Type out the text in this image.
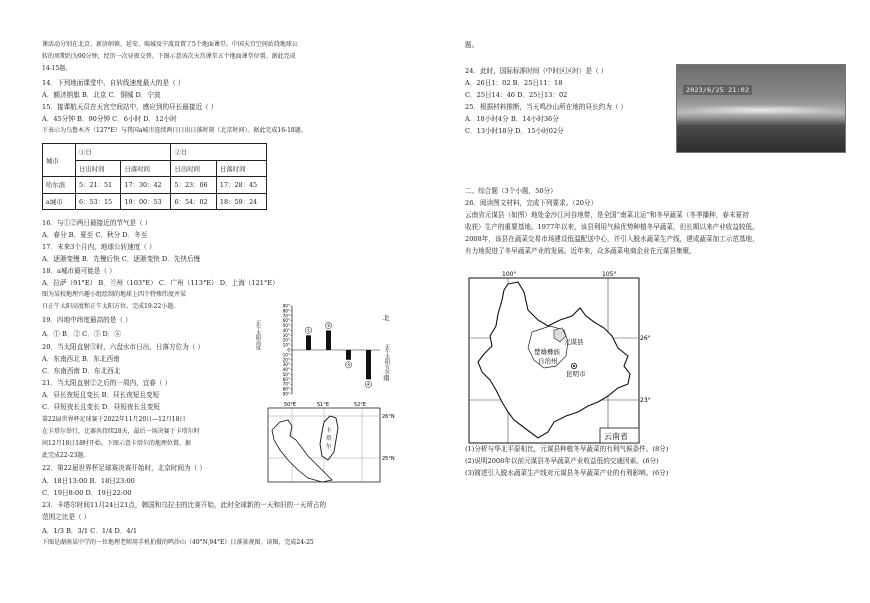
城市	①日		②日	
	日出时间	日落时间	日出时间	日落时间
哈尔滨	5：21：51	17：30：42	5：23：06	17：28：45
a城市	6：53：15	19：00：53	6：54：02	18：59：24
正午太阳高度
正午太阳方位
北
南
90°
80°
70°
60°
50°
40°
30°
20°
10°
0
10°
20°
30°
40°
50°
60°
70°
80°
90°
①
②
③
④
50°E	51°E	52°E
26°N
25°N
卡
塔
尔
课活动分别在北京、新济纳镇、延安、绵城及宁波设置了5个地面课堂。中国天宫空间站绕地球公
转的周期约为90分钟，经历一次昼夜交替。下图示意该次天宫课堂五个地面课堂位置。据此完成
14-15题。
14．下列地面课堂中，自转线速度最大的是（ ）
A．额济纳旗 B．北京 C．铜城 D．宁波
15．接课航天员在天宫空间站中，感应到的昼长最接近（ ）
A．45分钟 B．90分钟 C．6小时 D．12小时
下表示为乌鲁木齐（127°E）与我国a城市连续两日日出日落时刻（北京时间）。据此完成16-18题。
16．与①②两日最接近的节气是（ ）
A．春分 B．夏至 C．秋分 D．冬至
17．未来3个月内，地球公转速度（ ）
A．逐渐变慢 B．先慢后快 C．逐渐变快 D．先快后慢
18．a城市最可能是（ ）
A．拉萨（91°E） B．兰州（103°E） C．广州（113°E） D．上海（121°E）
图为某校地理兴趣小组绘制的地球上四个特殊纬度并某
日正午太阳高度和正午太阳方位。完成19-22小题。
19．四地中纬度最高的是（ ）
A．① B．② C．③ D．④
20．当太阳直射③时，六盘水市日出，日落方位为（ ）
A．东南西北 B．东北西南
C．东南西南 D．东北西北
21．当太阳直射②之后的一周内，宜春（ ）
A．昼长夜短且变长 B．昼长夜短且变短
C．昼短夜长且变长 D．昼短夜长且变短
第22届世界杯足球赛于2022年11月20日—12月18日
在卡塔尔举行，比赛共持续28天，最后一场决赛于卡塔尔时
间12月18日18时开始。下图示意卡塔尔的地理位置。据
此完成22-23题。
22．第22届世界杯足球赛决赛开始时，北京时间为（ ）
A．18日13:00 B．18日23:00
C．19日8:00 D．19日22:00
23．卡塔尔时间11月24日21点，韩国和乌拉圭的比赛开始，此时全球新的一天和旧的一天所占的
范围之比是（ ）
A．1/3 B．3/1 C．1/4 D．4/1
下图是湖南某中学的一位地理老师用手机拍摄的鸣沙山（40°N,94°E）日落景观图。读图，完成24-25
2023/6/25 21:02
100°	105°
26°
23°
元谋县
楚雄彝族
自治州
昆明市
云南省
题。
24．此时，国际标准时间（中时区区时）是（ ）
A．26日1：02 B．25日11：18
C．25日14：46 D．25日13：02
25．根据材料推断，当天鸣沙山所在地的昼长约为（ ）
A．18小时4分 B．14小时36分
C．13小时18分 D．15小时02分
二、综合题（3个小题，50分）
26．阅读图文材料，完成下列要求。（20分）
云南省元谋县（如图）地处金沙江河谷地带，是全国“南菜北运”和冬早蔬菜（冬季播种，春末夏初
收获）生产的重要基地。1977年以来，该县利用气候优势种植冬早蔬菜，但长期以来产业收益较低。
2008年，该县在蔬菜交易市场建设低温配送中心，并引入脱水蔬菜生产线，建成蔬菜加工示范基地，
有力地促进了冬早蔬菜产业的发展。近年来，众多蔬菜电商企业在元谋县集聚。
(1)分析与华北平原相比，元谋县种植冬早蔬菜的有利气候条件。(8分)
(2)说明2008年以前元谋县冬早蔬菜产业收益低的交通因素。(6分)
(3)简述引入脱水蔬菜生产线对元谋县冬早蔬菜产业的有利影响。(6分)
